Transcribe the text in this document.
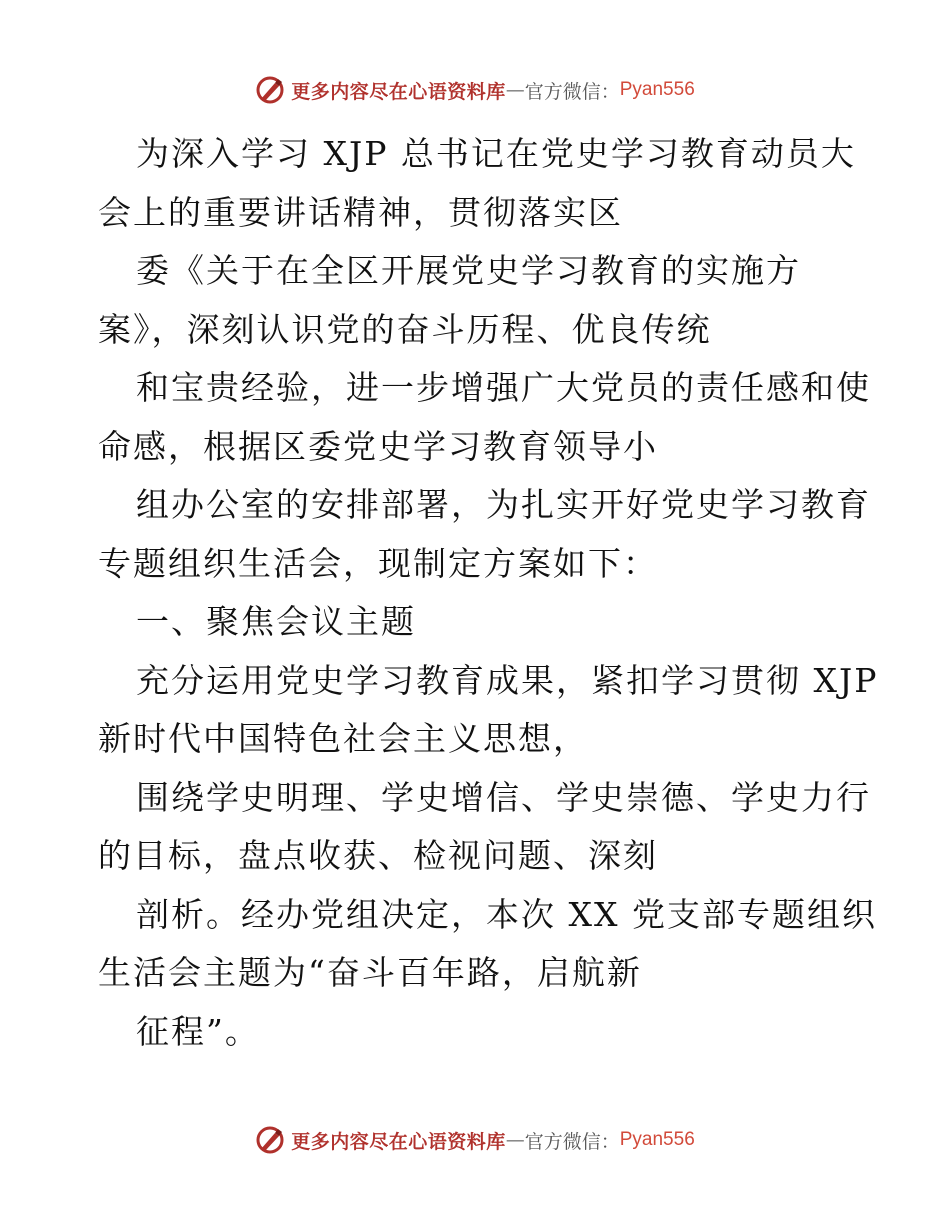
更多内容尽在心语资料库 — 官方微信： Pyan556
为深入学习 XJP 总书记在党史学习教育动员大
会上的重要讲话精神，贯彻落实区
委《关于在全区开展党史学习教育的实施方
案》，深刻认识党的奋斗历程、优良传统
和宝贵经验，进一步增强广大党员的责任感和使
命感，根据区委党史学习教育领导小
组办公室的安排部署，为扎实开好党史学习教育
专题组织生活会，现制定方案如下：
一、聚焦会议主题
充分运用党史学习教育成果，紧扣学习贯彻 XJP
新时代中国特色社会主义思想，
围绕学史明理、学史增信、学史崇德、学史力行
的目标，盘点收获、检视问题、深刻
剖析。经办党组决定，本次 XX 党支部专题组织
生活会主题为“奋斗百年路，启航新
征程”。
更多内容尽在心语资料库 — 官方微信： Pyan556
